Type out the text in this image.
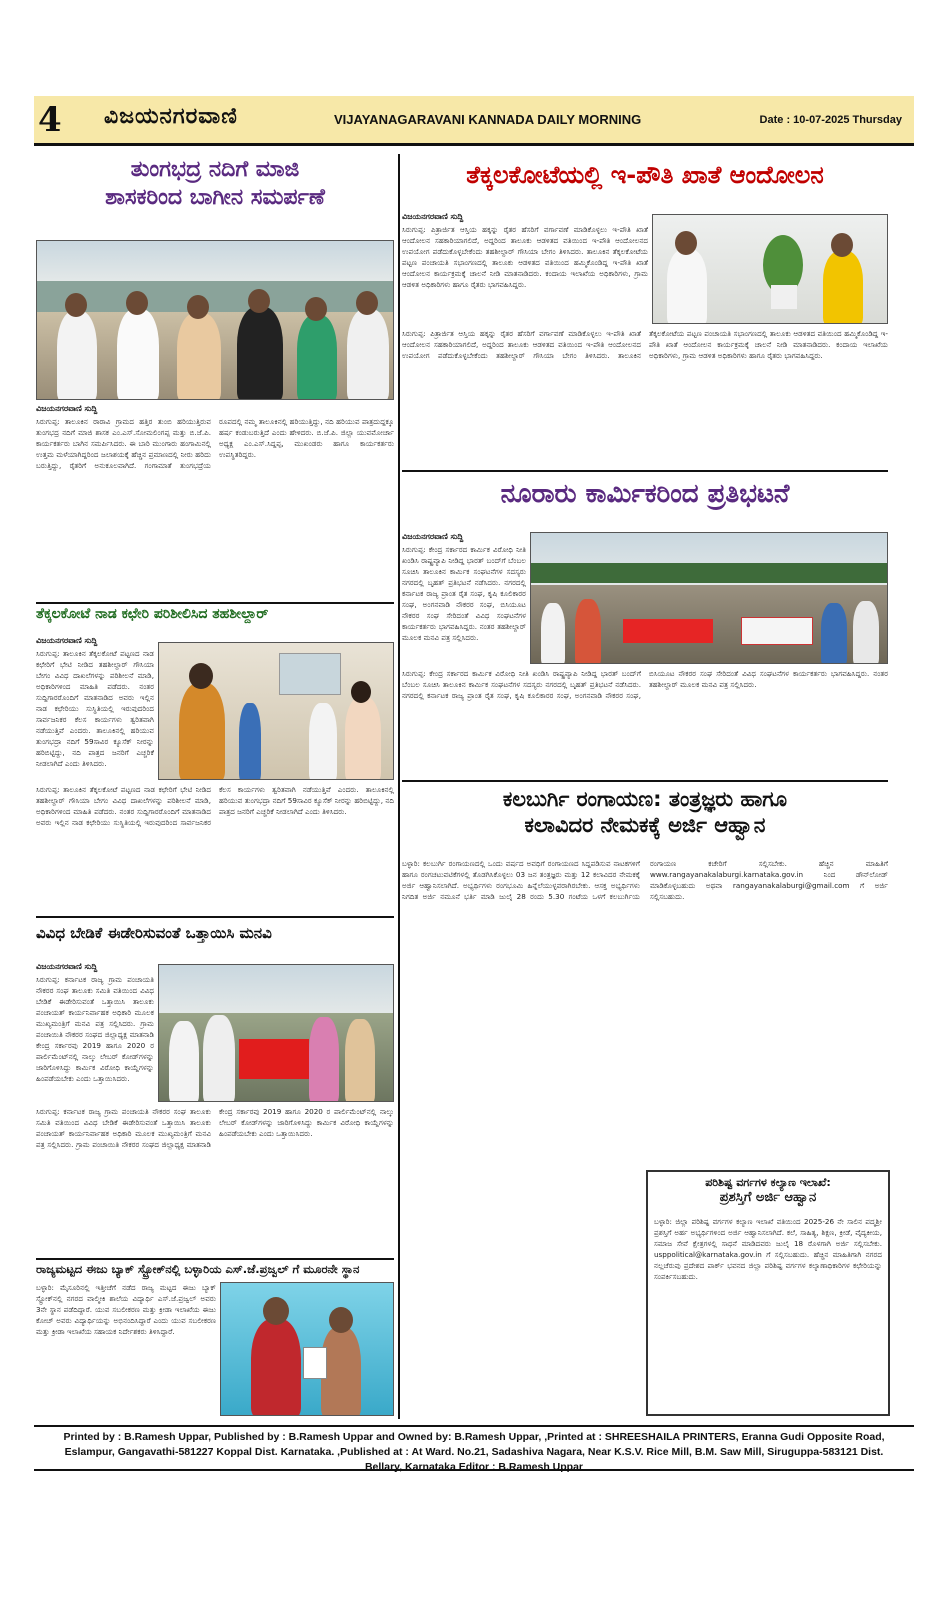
4	ವಿಜಯನಗರವಾಣಿ	VIJAYANAGARAVANI KANNADA DAILY MORNING	Date : 10-07-2025 Thursday
ತುಂಗಭದ್ರ ನದಿಗೆ ಮಾಜಿ
ಶಾಸಕರಿಂದ ಬಾಗೀನ ಸಮರ್ಪಣೆ
ವಿಜಯನಗರವಾಣಿ ಸುದ್ದಿ
ಸಿರುಗುಪ್ಪ: ತಾಲೂಕಿನ ರಾರಾವಿ ಗ್ರಾಮದ ಹತ್ತಿರ ತುಂಬಿ ಹರಿಯುತ್ತಿರುವ ತುಂಗಭದ್ರ ನದಿಗೆ ಮಾಜಿ ಶಾಸಕ ಎಂ.ಎಸ್.ಸೋಮಲಿಂಗಪ್ಪ ಮತ್ತು ಬಿ.ಜೆ.ಪಿ. ಕಾರ್ಯಕರ್ತರು ಬಾಗಿನ ಸಮರ್ಪಿಸಿದರು. ಈ ಬಾರಿ ಮುಂಗಾರು ಹಂಗಾಮಿನಲ್ಲಿ ಉತ್ತಮ ಮಳೆಯಾಗಿದ್ದರಿಂದ ಜಲಾಶಯಕ್ಕೆ ಹೆಚ್ಚಿನ ಪ್ರಮಾಣದಲ್ಲಿ ನೀರು ಹರಿದು ಬರುತ್ತಿದ್ದು, ರೈತರಿಗೆ ಅನುಕೂಲವಾಗಿದೆ. ಗಂಗಾಮಾತೆ ತುಂಗಭದ್ರೆಯ ರೂಪದಲ್ಲಿ ನಮ್ಮ ತಾಲೂಕಿನಲ್ಲಿ ಹರಿಯುತ್ತಿದ್ದು, ನದಿ ಹರಿಯುವ ಪಾತ್ರದುದ್ದಕ್ಕೂ ಹರ್ಷ ಕಂಡುಬರುತ್ತಿದೆ ಎಂದು ಹೇಳಿದರು. ಬಿ.ಜೆ.ಪಿ. ಜಿಲ್ಲಾ ಯುವಮೋರ್ಚಾ ಅಧ್ಯಕ್ಷ ಎಂ.ಎಸ್.ಸಿದ್ದಪ್ಪ, ಮುಖಂಡರು ಹಾಗೂ ಕಾರ್ಯಕರ್ತರು ಉಪಸ್ಥಿತರಿದ್ದರು.
ತೆಕ್ಕಲಕೋಟೆ ನಾಡ ಕಛೇರಿ ಪರಿಶೀಲಿಸಿದ ತಹಶೀಲ್ದಾರ್
ವಿಜಯನಗರವಾಣಿ ಸುದ್ದಿ
ಸಿರುಗುಪ್ಪ: ತಾಲೂಕಿನ ತೆಕ್ಕಲಕೋಟೆ ಪಟ್ಟಣದ ನಾಡ ಕಛೇರಿಗೆ ಭೇಟಿ ನೀಡಿದ ತಹಶೀಲ್ದಾರ್ ಗೌಸಿಯಾ ಬೇಗಂ ವಿವಿಧ ದಾಖಲೆಗಳನ್ನು ಪರಿಶೀಲನೆ ಮಾಡಿ, ಅಧಿಕಾರಿಗಳಿಂದ ಮಾಹಿತಿ ಪಡೆದರು. ನಂತರ ಸುದ್ದಿಗಾರರೊಂದಿಗೆ ಮಾತನಾಡಿದ ಅವರು ಇಲ್ಲಿನ ನಾಡ ಕಛೇರಿಯು ಸುಸ್ಥಿತಿಯಲ್ಲಿ ಇರುವುದರಿಂದ ಸಾರ್ವಜನಿಕರ ಕೆಲಸ ಕಾರ್ಯಗಳು ತ್ವರಿತವಾಗಿ ನಡೆಯುತ್ತಿವೆ ಎಂದರು. ತಾಲೂಕಿನಲ್ಲಿ ಹರಿಯುವ ತುಂಗಭದ್ರಾ ನದಿಗೆ 59ಸಾವಿರ ಕ್ಯೂಸೆಕ್ ನೀರನ್ನು ಹರಿಬಿಟ್ಟಿದ್ದು, ನದಿ ಪಾತ್ರದ ಜನರಿಗೆ ಎಚ್ಚರಿಕೆ ನೀಡಲಾಗಿದೆ ಎಂದು ತಿಳಿಸಿದರು.
ಸಿರುಗುಪ್ಪ: ತಾಲೂಕಿನ ತೆಕ್ಕಲಕೋಟೆ ಪಟ್ಟಣದ ನಾಡ ಕಛೇರಿಗೆ ಭೇಟಿ ನೀಡಿದ ತಹಶೀಲ್ದಾರ್ ಗೌಸಿಯಾ ಬೇಗಂ ವಿವಿಧ ದಾಖಲೆಗಳನ್ನು ಪರಿಶೀಲನೆ ಮಾಡಿ, ಅಧಿಕಾರಿಗಳಿಂದ ಮಾಹಿತಿ ಪಡೆದರು. ನಂತರ ಸುದ್ದಿಗಾರರೊಂದಿಗೆ ಮಾತನಾಡಿದ ಅವರು ಇಲ್ಲಿನ ನಾಡ ಕಛೇರಿಯು ಸುಸ್ಥಿತಿಯಲ್ಲಿ ಇರುವುದರಿಂದ ಸಾರ್ವಜನಿಕರ ಕೆಲಸ ಕಾರ್ಯಗಳು ತ್ವರಿತವಾಗಿ ನಡೆಯುತ್ತಿವೆ ಎಂದರು. ತಾಲೂಕಿನಲ್ಲಿ ಹರಿಯುವ ತುಂಗಭದ್ರಾ ನದಿಗೆ 59ಸಾವಿರ ಕ್ಯೂಸೆಕ್ ನೀರನ್ನು ಹರಿಬಿಟ್ಟಿದ್ದು, ನದಿ ಪಾತ್ರದ ಜನರಿಗೆ ಎಚ್ಚರಿಕೆ ನೀಡಲಾಗಿದೆ ಎಂದು ತಿಳಿಸಿದರು.
ವಿವಿಧ ಬೇಡಿಕೆ ಈಡೇರಿಸುವಂತೆ ಒತ್ತಾಯಿಸಿ ಮನವಿ
ವಿಜಯನಗರವಾಣಿ ಸುದ್ದಿ
ಸಿರುಗುಪ್ಪ: ಕರ್ನಾಟಕ ರಾಜ್ಯ ಗ್ರಾಮ ಪಂಚಾಯತಿ ನೌಕರರ ಸಂಘ ತಾಲೂಕು ಸಮಿತಿ ವತಿಯಿಂದ ವಿವಿಧ ಬೇಡಿಕೆ ಈಡೇರಿಸುವಂತೆ ಒತ್ತಾಯಿಸಿ ತಾಲೂಕು ಪಂಚಾಯತ್ ಕಾರ್ಯನಿರ್ವಾಹಕ ಅಧಿಕಾರಿ ಮೂಲಕ ಮುಖ್ಯಮಂತ್ರಿಗೆ ಮನವಿ ಪತ್ರ ಸಲ್ಲಿಸಿದರು. ಗ್ರಾಮ ಪಂಚಾಯಿತಿ ನೌಕರರ ಸಂಘದ ಜಿಲ್ಲಾಧ್ಯಕ್ಷ ಮಾತನಾಡಿ ಕೇಂದ್ರ ಸರ್ಕಾರವು 2019 ಹಾಗೂ 2020 ರ ಪಾರ್ಲಿಮೆಂಟ್‌ನಲ್ಲಿ ನಾಲ್ಕು ಲೇಬರ್ ಕೋಡ್‌ಗಳನ್ನು ಜಾರಿಗೊಳಿಸಿದ್ದು ಕಾರ್ಮಿಕ ವಿರೋಧಿ ಕಾಯ್ದೆಗಳನ್ನು ಹಿಂಪಡೆಯಬೇಕು ಎಂದು ಒತ್ತಾಯಿಸಿದರು.
ಸಿರುಗುಪ್ಪ: ಕರ್ನಾಟಕ ರಾಜ್ಯ ಗ್ರಾಮ ಪಂಚಾಯತಿ ನೌಕರರ ಸಂಘ ತಾಲೂಕು ಸಮಿತಿ ವತಿಯಿಂದ ವಿವಿಧ ಬೇಡಿಕೆ ಈಡೇರಿಸುವಂತೆ ಒತ್ತಾಯಿಸಿ ತಾಲೂಕು ಪಂಚಾಯತ್ ಕಾರ್ಯನಿರ್ವಾಹಕ ಅಧಿಕಾರಿ ಮೂಲಕ ಮುಖ್ಯಮಂತ್ರಿಗೆ ಮನವಿ ಪತ್ರ ಸಲ್ಲಿಸಿದರು. ಗ್ರಾಮ ಪಂಚಾಯಿತಿ ನೌಕರರ ಸಂಘದ ಜಿಲ್ಲಾಧ್ಯಕ್ಷ ಮಾತನಾಡಿ ಕೇಂದ್ರ ಸರ್ಕಾರವು 2019 ಹಾಗೂ 2020 ರ ಪಾರ್ಲಿಮೆಂಟ್‌ನಲ್ಲಿ ನಾಲ್ಕು ಲೇಬರ್ ಕೋಡ್‌ಗಳನ್ನು ಜಾರಿಗೊಳಿಸಿದ್ದು ಕಾರ್ಮಿಕ ವಿರೋಧಿ ಕಾಯ್ದೆಗಳನ್ನು ಹಿಂಪಡೆಯಬೇಕು ಎಂದು ಒತ್ತಾಯಿಸಿದರು.
ರಾಜ್ಯಮಟ್ಟದ ಈಜು ಬ್ಯಾಕ್ ಸ್ಟ್ರೋಕ್‌ನಲ್ಲಿ ಬಳ್ಳಾರಿಯ ಎಸ್.ಜೆ.ಪ್ರಜ್ವಲ್ ಗೆ ಮೂರನೇ ಸ್ಥಾನ
ಬಳ್ಳಾರಿ: ಮೈಸೂರಿನಲ್ಲಿ ಇತ್ತೀಚೆಗೆ ನಡೆದ ರಾಜ್ಯ ಮಟ್ಟದ ಈಜು ಬ್ಯಾಕ್ ಸ್ಟ್ರೋಕ್‌ನಲ್ಲಿ ನಗರದ ವಾಲ್ಮೀಕಿ ಶಾಲೆಯ ವಿದ್ಯಾರ್ಥಿ ಎಸ್.ಜೆ.ಪ್ರಜ್ವಲ್ ಅವರು 3ನೇ ಸ್ಥಾನ ಪಡೆದಿದ್ದಾರೆ. ಯುವ ಸಬಲೀಕರಣ ಮತ್ತು ಕ್ರೀಡಾ ಇಲಾಖೆಯ ಈಜು ಕೋಚ್ ಅವರು ವಿದ್ಯಾರ್ಥಿಯನ್ನು ಅಭಿನಂದಿಸಿದ್ದಾರೆ ಎಂದು ಯುವ ಸಬಲೀಕರಣ ಮತ್ತು ಕ್ರೀಡಾ ಇಲಾಖೆಯ ಸಹಾಯಕ ನಿರ್ದೇಶಕರು ತಿಳಿಸಿದ್ದಾರೆ.
ತೆಕ್ಕಲಕೋಟೆಯಲ್ಲಿ ಇ-ಪೌತಿ ಖಾತೆ ಆಂದೋಲನ
ವಿಜಯನಗರವಾಣಿ ಸುದ್ದಿ
ಸಿರುಗುಪ್ಪ: ಪಿತ್ರಾರ್ಜಿತ ಆಸ್ತಿಯ ಹಕ್ಕನ್ನು ರೈತರ ಹೆಸರಿಗೆ ವರ್ಗಾವಣೆ ಮಾಡಿಕೊಳ್ಳಲು ಇ-ಪೌತಿ ಖಾತೆ ಆಂದೋಲನ ಸಹಕಾರಿಯಾಗಲಿದೆ, ಅದ್ದರಿಂದ ತಾಲೂಕು ಆಡಳಿತದ ವತಿಯಿಂದ ಇ-ಪೌತಿ ಆಂದೋಲನದ ಉಪಯೋಗ ಪಡೆದುಕೊಳ್ಳಬೇಕೆಂದು ತಹಶೀಲ್ದಾರ್ ಗೌಸಿಯಾ ಬೇಗಂ ತಿಳಿಸಿದರು. ತಾಲೂಕಿನ ತೆಕ್ಕಲಕೋಟೆಯ ಪಟ್ಟಣ ಪಂಚಾಯತಿ ಸಭಾಂಗಣದಲ್ಲಿ ತಾಲೂಕು ಆಡಳಿತದ ವತಿಯಿಂದ ಹಮ್ಮಿಕೊಂಡಿದ್ದ ಇ-ಪೌತಿ ಖಾತೆ ಆಂದೋಲನ ಕಾರ್ಯಕ್ರಮಕ್ಕೆ ಚಾಲನೆ ನೀಡಿ ಮಾತನಾಡಿದರು. ಕಂದಾಯ ಇಲಾಖೆಯ ಅಧಿಕಾರಿಗಳು, ಗ್ರಾಮ ಆಡಳಿತ ಅಧಿಕಾರಿಗಳು ಹಾಗೂ ರೈತರು ಭಾಗವಹಿಸಿದ್ದರು.
ಸಿರುಗುಪ್ಪ: ಪಿತ್ರಾರ್ಜಿತ ಆಸ್ತಿಯ ಹಕ್ಕನ್ನು ರೈತರ ಹೆಸರಿಗೆ ವರ್ಗಾವಣೆ ಮಾಡಿಕೊಳ್ಳಲು ಇ-ಪೌತಿ ಖಾತೆ ಆಂದೋಲನ ಸಹಕಾರಿಯಾಗಲಿದೆ, ಅದ್ದರಿಂದ ತಾಲೂಕು ಆಡಳಿತದ ವತಿಯಿಂದ ಇ-ಪೌತಿ ಆಂದೋಲನದ ಉಪಯೋಗ ಪಡೆದುಕೊಳ್ಳಬೇಕೆಂದು ತಹಶೀಲ್ದಾರ್ ಗೌಸಿಯಾ ಬೇಗಂ ತಿಳಿಸಿದರು. ತಾಲೂಕಿನ ತೆಕ್ಕಲಕೋಟೆಯ ಪಟ್ಟಣ ಪಂಚಾಯತಿ ಸಭಾಂಗಣದಲ್ಲಿ ತಾಲೂಕು ಆಡಳಿತದ ವತಿಯಿಂದ ಹಮ್ಮಿಕೊಂಡಿದ್ದ ಇ-ಪೌತಿ ಖಾತೆ ಆಂದೋಲನ ಕಾರ್ಯಕ್ರಮಕ್ಕೆ ಚಾಲನೆ ನೀಡಿ ಮಾತನಾಡಿದರು. ಕಂದಾಯ ಇಲಾಖೆಯ ಅಧಿಕಾರಿಗಳು, ಗ್ರಾಮ ಆಡಳಿತ ಅಧಿಕಾರಿಗಳು ಹಾಗೂ ರೈತರು ಭಾಗವಹಿಸಿದ್ದರು.
ನೂರಾರು ಕಾರ್ಮಿಕರಿಂದ ಪ್ರತಿಭಟನೆ
ವಿಜಯನಗರವಾಣಿ ಸುದ್ದಿ
ಸಿರುಗುಪ್ಪ: ಕೇಂದ್ರ ಸರ್ಕಾರದ ಕಾರ್ಮಿಕ ವಿರೋಧಿ ನೀತಿ ಖಂಡಿಸಿ ರಾಷ್ಟ್ರವ್ಯಾಪಿ ನೀಡಿದ್ದ ಭಾರತ್ ಬಂದ್‌ಗೆ ಬೆಂಬಲ ಸೂಚಿಸಿ ತಾಲೂಕಿನ ಕಾರ್ಮಿಕ ಸಂಘಟನೆಗಳ ಸದಸ್ಯರು ನಗರದಲ್ಲಿ ಬೃಹತ್ ಪ್ರತಿಭಟನೆ ನಡೆಸಿದರು. ನಗರದಲ್ಲಿ ಕರ್ನಾಟಕ ರಾಜ್ಯ ಪ್ರಾಂತ ರೈತ ಸಂಘ, ಕೃಷಿ ಕೂಲಿಕಾರರ ಸಂಘ, ಅಂಗನವಾಡಿ ನೌಕರರ ಸಂಘ, ಬಿಸಿಯೂಟ ನೌಕರರ ಸಂಘ ಸೇರಿದಂತೆ ವಿವಿಧ ಸಂಘಟನೆಗಳ ಕಾರ್ಯಕರ್ತರು ಭಾಗವಹಿಸಿದ್ದರು. ನಂತರ ತಹಶೀಲ್ದಾರ್ ಮೂಲಕ ಮನವಿ ಪತ್ರ ಸಲ್ಲಿಸಿದರು.
ಸಿರುಗುಪ್ಪ: ಕೇಂದ್ರ ಸರ್ಕಾರದ ಕಾರ್ಮಿಕ ವಿರೋಧಿ ನೀತಿ ಖಂಡಿಸಿ ರಾಷ್ಟ್ರವ್ಯಾಪಿ ನೀಡಿದ್ದ ಭಾರತ್ ಬಂದ್‌ಗೆ ಬೆಂಬಲ ಸೂಚಿಸಿ ತಾಲೂಕಿನ ಕಾರ್ಮಿಕ ಸಂಘಟನೆಗಳ ಸದಸ್ಯರು ನಗರದಲ್ಲಿ ಬೃಹತ್ ಪ್ರತಿಭಟನೆ ನಡೆಸಿದರು. ನಗರದಲ್ಲಿ ಕರ್ನಾಟಕ ರಾಜ್ಯ ಪ್ರಾಂತ ರೈತ ಸಂಘ, ಕೃಷಿ ಕೂಲಿಕಾರರ ಸಂಘ, ಅಂಗನವಾಡಿ ನೌಕರರ ಸಂಘ, ಬಿಸಿಯೂಟ ನೌಕರರ ಸಂಘ ಸೇರಿದಂತೆ ವಿವಿಧ ಸಂಘಟನೆಗಳ ಕಾರ್ಯಕರ್ತರು ಭಾಗವಹಿಸಿದ್ದರು. ನಂತರ ತಹಶೀಲ್ದಾರ್ ಮೂಲಕ ಮನವಿ ಪತ್ರ ಸಲ್ಲಿಸಿದರು.
ಕಲಬುರ್ಗಿ ರಂಗಾಯಣ: ತಂತ್ರಜ್ಞರು ಹಾಗೂ
ಕಲಾವಿದರ ನೇಮಕಕ್ಕೆ ಅರ್ಜಿ ಆಹ್ವಾನ
ಬಳ್ಳಾರಿ: ಕಲಬುರ್ಗಿ ರಂಗಾಯಣದಲ್ಲಿ ಒಂದು ವರ್ಷದ ಅವಧಿಗೆ ರಂಗಾಯಣದ ಸಿದ್ದಪಡಿಸುವ ನಾಟಕಗಳಿಗೆ ಹಾಗೂ ರಂಗಚಟುವಟಿಕೆಗಳಲ್ಲಿ ತೊಡಗಿಸಿಕೊಳ್ಳಲು 03 ಜನ ತಂತ್ರಜ್ಞರು ಮತ್ತು 12 ಕಲಾವಿದರ ನೇಮಕಕ್ಕೆ ಅರ್ಜಿ ಆಹ್ವಾನಿಸಲಾಗಿದೆ. ಅಭ್ಯರ್ಥಿಗಳು ರಂಗಭೂಮಿ ಹಿನ್ನೆಲೆಯುಳ್ಳವರಾಗಿರಬೇಕು. ಆಸಕ್ತ ಅಭ್ಯರ್ಥಿಗಳು ನಿಗದಿತ ಅರ್ಜಿ ನಮೂನೆ ಭರ್ತಿ ಮಾಡಿ ಜುಲೈ 28 ರಂದು 5.30 ಗಂಟೆಯ ಒಳಗೆ ಕಲಬುರ್ಗಿಯ ರಂಗಾಯಣ ಕಚೇರಿಗೆ ಸಲ್ಲಿಸಬೇಕು. ಹೆಚ್ಚಿನ ಮಾಹಿತಿಗೆ www.rangayanakalaburgi.karnataka.gov.in ನಿಂದ ಡೌನ್‌ಲೋಡ್ ಮಾಡಿಕೊಳ್ಳಬಹುದು ಅಥವಾ rangayanakalaburgi@gmail.com ಗೆ ಅರ್ಜಿ ಸಲ್ಲಿಸಬಹುದು.
ಪರಿಶಿಷ್ಟ ವರ್ಗಗಳ ಕಲ್ಯಾಣ ಇಲಾಖೆ:
ಪ್ರಶಸ್ತಿಗೆ ಅರ್ಜಿ ಆಹ್ವಾನ
ಬಳ್ಳಾರಿ: ಜಿಲ್ಲಾ ಪರಿಶಿಷ್ಟ ವರ್ಗಗಳ ಕಲ್ಯಾಣ ಇಲಾಖೆ ವತಿಯಿಂದ 2025-26 ನೇ ಸಾಲಿನ ಪದ್ಮಶ್ರೀ ಪ್ರಶಸ್ತಿಗೆ ಅರ್ಹ ಅಭ್ಯರ್ಥಿಗಳಿಂದ ಅರ್ಜಿ ಆಹ್ವಾನಿಸಲಾಗಿದೆ. ಕಲೆ, ಸಾಹಿತ್ಯ, ಶಿಕ್ಷಣ, ಕ್ರೀಡೆ, ವೈದ್ಯಕೀಯ, ಸಮಾಜ ಸೇವೆ ಕ್ಷೇತ್ರಗಳಲ್ಲಿ ಸಾಧನೆ ಮಾಡಿದವರು ಜುಲೈ 18 ರೊಳಗಾಗಿ ಅರ್ಜಿ ಸಲ್ಲಿಸಬೇಕು. usppolitical@karnataka.gov.in ಗೆ ಸಲ್ಲಿಸಬಹುದು. ಹೆಚ್ಚಿನ ಮಾಹಿತಿಗಾಗಿ ನಗರದ ನಲ್ಲಚೆರುವು ಪ್ರದೇಶದ ಪಾರ್ಕ್ ಭವನದ ಜಿಲ್ಲಾ ಪರಿಶಿಷ್ಟ ವರ್ಗಗಳ ಕಲ್ಯಾಣಾಧಿಕಾರಿಗಳ ಕಛೇರಿಯನ್ನು ಸಂಪರ್ಕಿಸಬಹುದು.
Printed by : B.Ramesh Uppar, Published by : B.Ramesh Uppar and Owned by: B.Ramesh Uppar, ,Printed at : SHREESHAILA PRINTERS, Eranna Gudi Opposite Road,
Eslampur, Gangavathi-581227 Koppal Dist. Karnataka. ,Published at : At Ward. No.21, Sadashiva Nagara, Near K.S.V. Rice Mill, B.M. Saw Mill, Siruguppa-583121 Dist.
Bellary, Karnataka Editor : B.Ramesh Uppar
